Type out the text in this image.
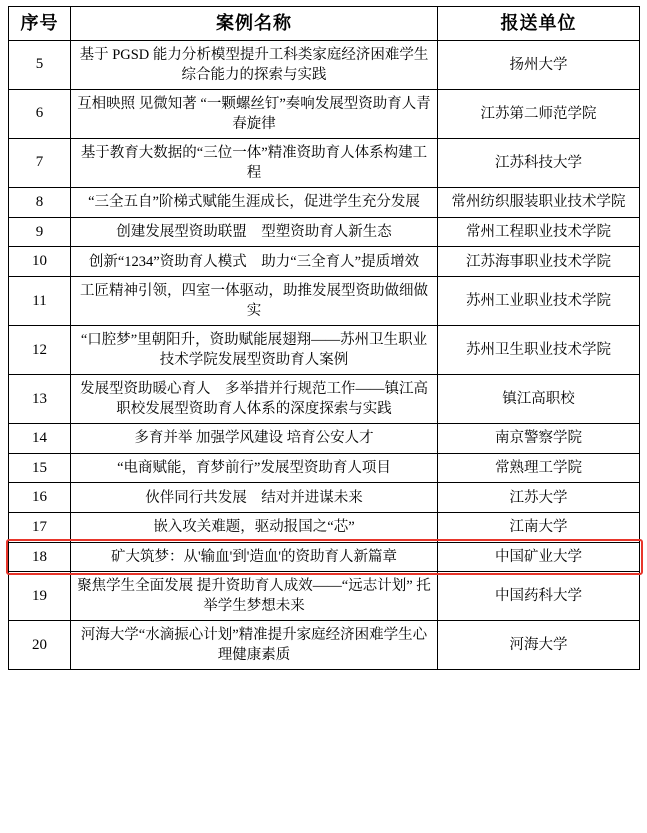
序号	案例名称	报送单位
5	基于 PGSD 能力分析模型提升工科类家庭经济困难学生综合能力的探索与实践	扬州大学
6	互相映照 见微知著 “一颗螺丝钉”奏响发展型资助育人青春旋律	江苏第二师范学院
7	基于教育大数据的“三位一体”精准资助育人体系构建工程	江苏科技大学
8	“三全五自”阶梯式赋能生涯成长，促进学生充分发展	常州纺织服装职业技术学院
9	创建发展型资助联盟　型塑资助育人新生态	常州工程职业技术学院
10	创新“1234”资助育人模式　助力“三全育人”提质增效	江苏海事职业技术学院
11	工匠精神引领，四室一体驱动，助推发展型资助做细做实	苏州工业职业技术学院
12	“口腔梦”里朝阳升，资助赋能展翅翔——苏州卫生职业技术学院发展型资助育人案例	苏州卫生职业技术学院
13	发展型资助暖心育人　多举措并行规范工作——镇江高职校发展型资助育人体系的深度探索与实践	镇江高职校
14	多育并举 加强学风建设 培育公安人才	南京警察学院
15	“电商赋能，育梦前行”发展型资助育人项目	常熟理工学院
16	伙伴同行共发展　结对并进谋未来	江苏大学
17	嵌入攻关难题，驱动报国之“芯”	江南大学
18	矿大筑梦：从'输血'到'造血'的资助育人新篇章	中国矿业大学
19	聚焦学生全面发展 提升资助育人成效——“远志计划” 托举学生梦想未来	中国药科大学
20	河海大学“水滴振心计划”精准提升家庭经济困难学生心理健康素质	河海大学
